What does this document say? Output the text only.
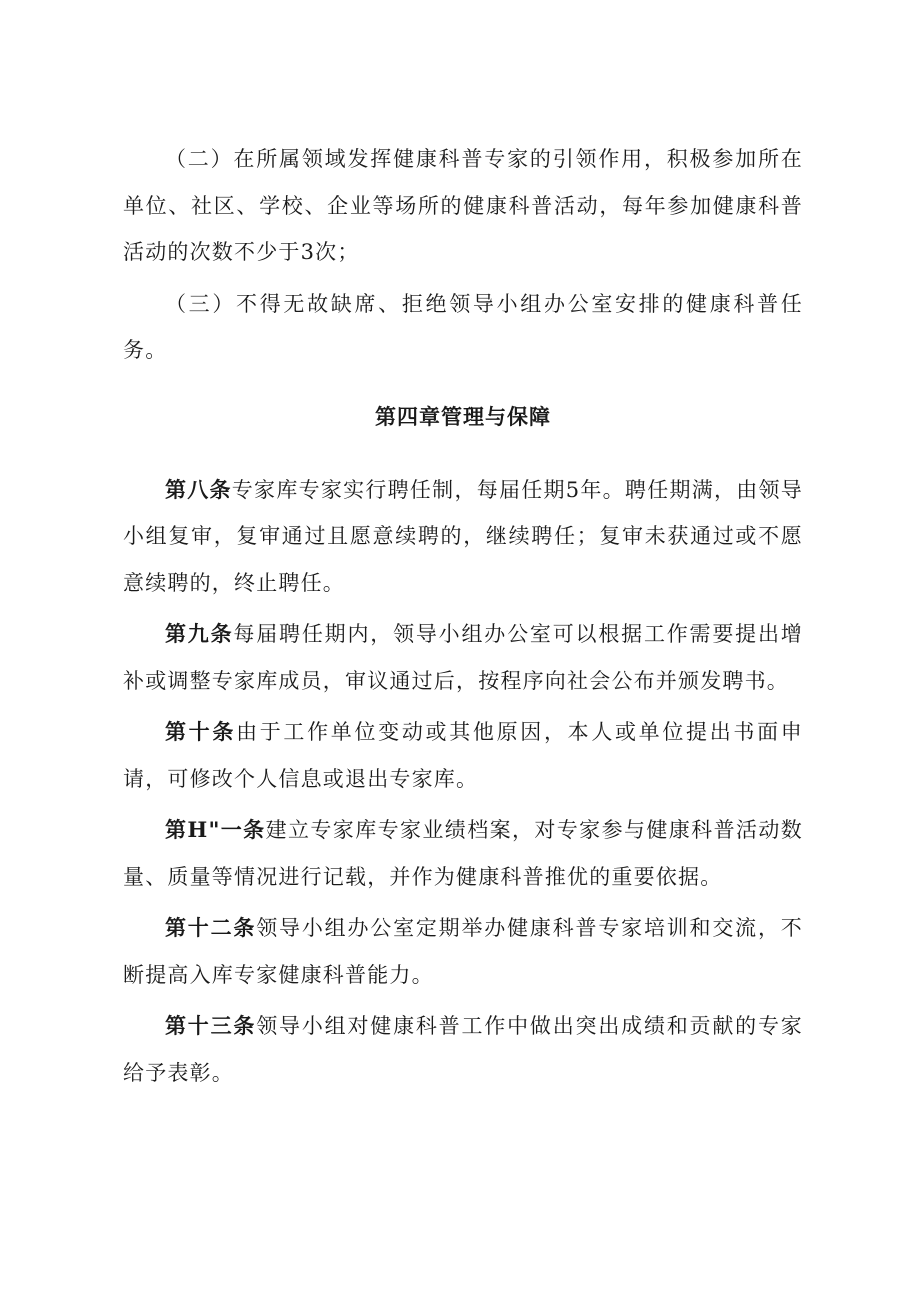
（二）在所属领域发挥健康科普专家的引领作用，积极参加所在单位、社区、学校、企业等场所的健康科普活动，每年参加健康科普活动的次数不少于3次；

（三）不得无故缺席、拒绝领导小组办公室安排的健康科普任务。

第四章管理与保障

第八条专家库专家实行聘任制，每届任期5年。聘任期满，由领导小组复审，复审通过且愿意续聘的，继续聘任；复审未获通过或不愿意续聘的，终止聘任。

第九条每届聘任期内，领导小组办公室可以根据工作需要提出增补或调整专家库成员，审议通过后，按程序向社会公布并颁发聘书。

第十条由于工作单位变动或其他原因，本人或单位提出书面申请，可修改个人信息或退出专家库。

第H"一条建立专家库专家业绩档案，对专家参与健康科普活动数量、质量等情况进行记载，并作为健康科普推优的重要依据。

第十二条领导小组办公室定期举办健康科普专家培训和交流，不断提高入库专家健康科普能力。

第十三条领导小组对健康科普工作中做出突出成绩和贡献的专家给予表彰。
